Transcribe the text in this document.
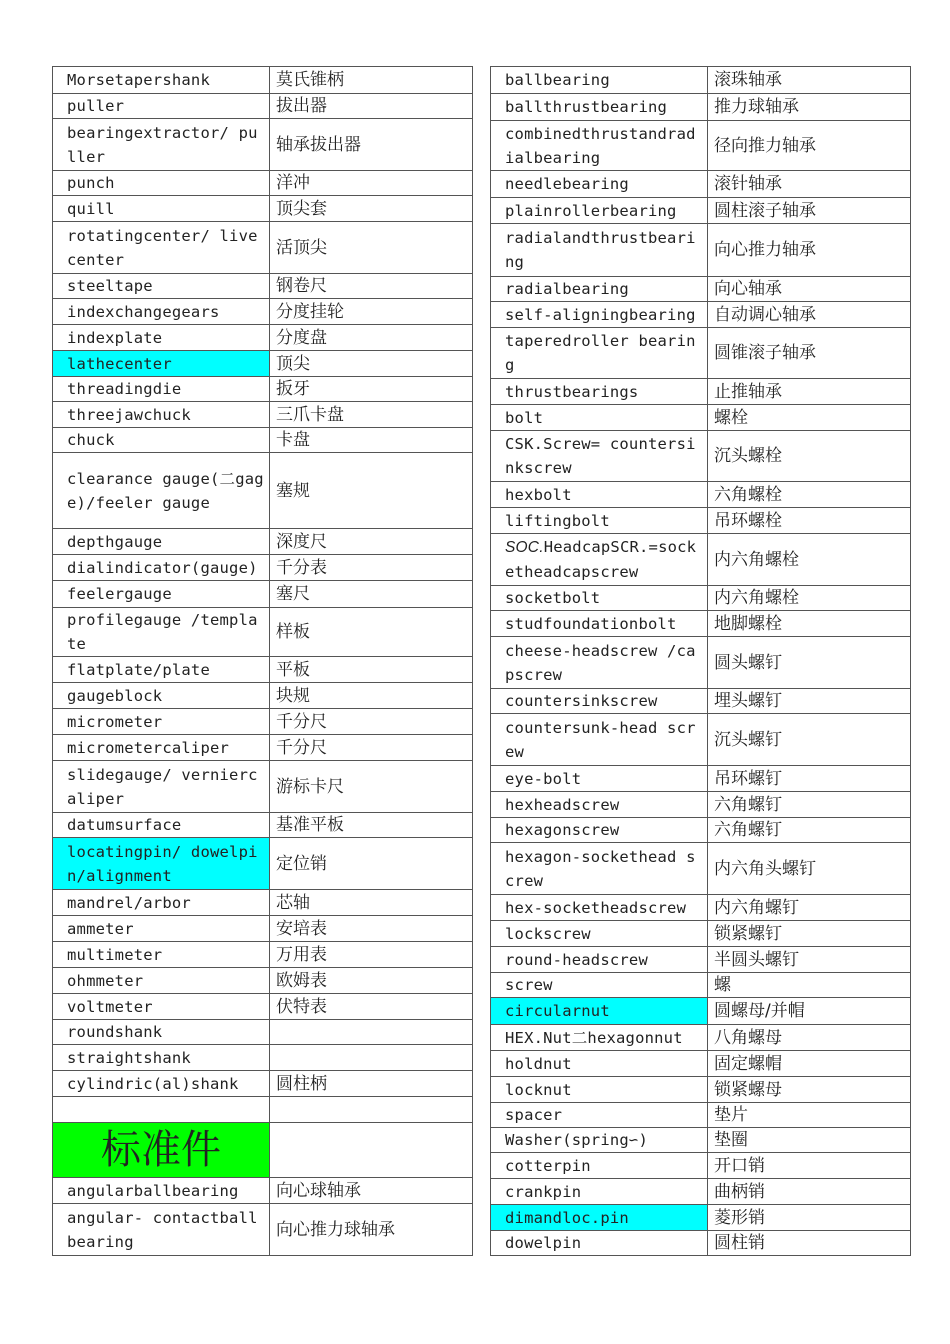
Morsetapershank	莫氏锥柄
puller	拔出器
bearingextractor/ puller	轴承拔出器
punch	洋冲
quill	顶尖套
rotatingcenter/ livecenter	活顶尖
steeltape	钢卷尺
indexchangegears	分度挂轮
indexplate	分度盘
lathecenter	顶尖
threadingdie	扳牙
threejawchuck	三爪卡盘
chuck	卡盘
clearance gauge(二gage)/feeler gauge	塞规
depthgauge	深度尺
dialindicator(gauge)	千分表
feelergauge	塞尺
profilegauge /template	样板
flatplate/plate	平板
gaugeblock	块规
micrometer	千分尺
micrometercaliper	千分尺
slidegauge/ verniercaliper	游标卡尺
datumsurface	基准平板
locatingpin/ dowelpin/alignment	定位销
mandrel/arbor	芯轴
ammeter	安培表
multimeter	万用表
ohmmeter	欧姆表
voltmeter	伏特表
roundshank	
straightshank	
cylindric(al)shank	圆柱柄

标准件	
angularballbearing	向心球轴承
angular- contactballbearing	向心推力球轴承
ballbearing	滚珠轴承
ballthrustbearing	推力球轴承
combinedthrustandradialbearing	径向推力轴承
needlebearing	滚针轴承
plainrollerbearing	圆柱滚子轴承
radialandthrustbearing	向心推力轴承
radialbearing	向心轴承
self-aligningbearing	自动调心轴承
taperedroller bearing	圆锥滚子轴承
thrustbearings	止推轴承
bolt	螺栓
CSK.Screw= countersinkscrew	沉头螺栓
hexbolt	六角螺栓
liftingbolt	吊环螺栓
SOC.HeadcapSCR.=socketheadcapscrew	内六角螺栓
socketbolt	内六角螺栓
studfoundationbolt	地脚螺栓
cheese-headscrew /capscrew	圆头螺钉
countersinkscrew	埋头螺钉
countersunk-head screw	沉头螺钉
eye-bolt	吊环螺钉
hexheadscrew	六角螺钉
hexagonscrew	六角螺钉
hexagon-sockethead screw	内六角头螺钉
hex-socketheadscrew	内六角螺钉
lockscrew	锁紧螺钉
round-headscrew	半圆头螺钉
screw	螺
circularnut	圆螺母/并帽
HEX.Nut二hexagonnut	八角螺母
holdnut	固定螺帽
locknut	锁紧螺母
spacer	垫片
Washer(spring∽)	垫圈
cotterpin	开口销
crankpin	曲柄销
dimandloc.pin	菱形销
dowelpin	圆柱销
